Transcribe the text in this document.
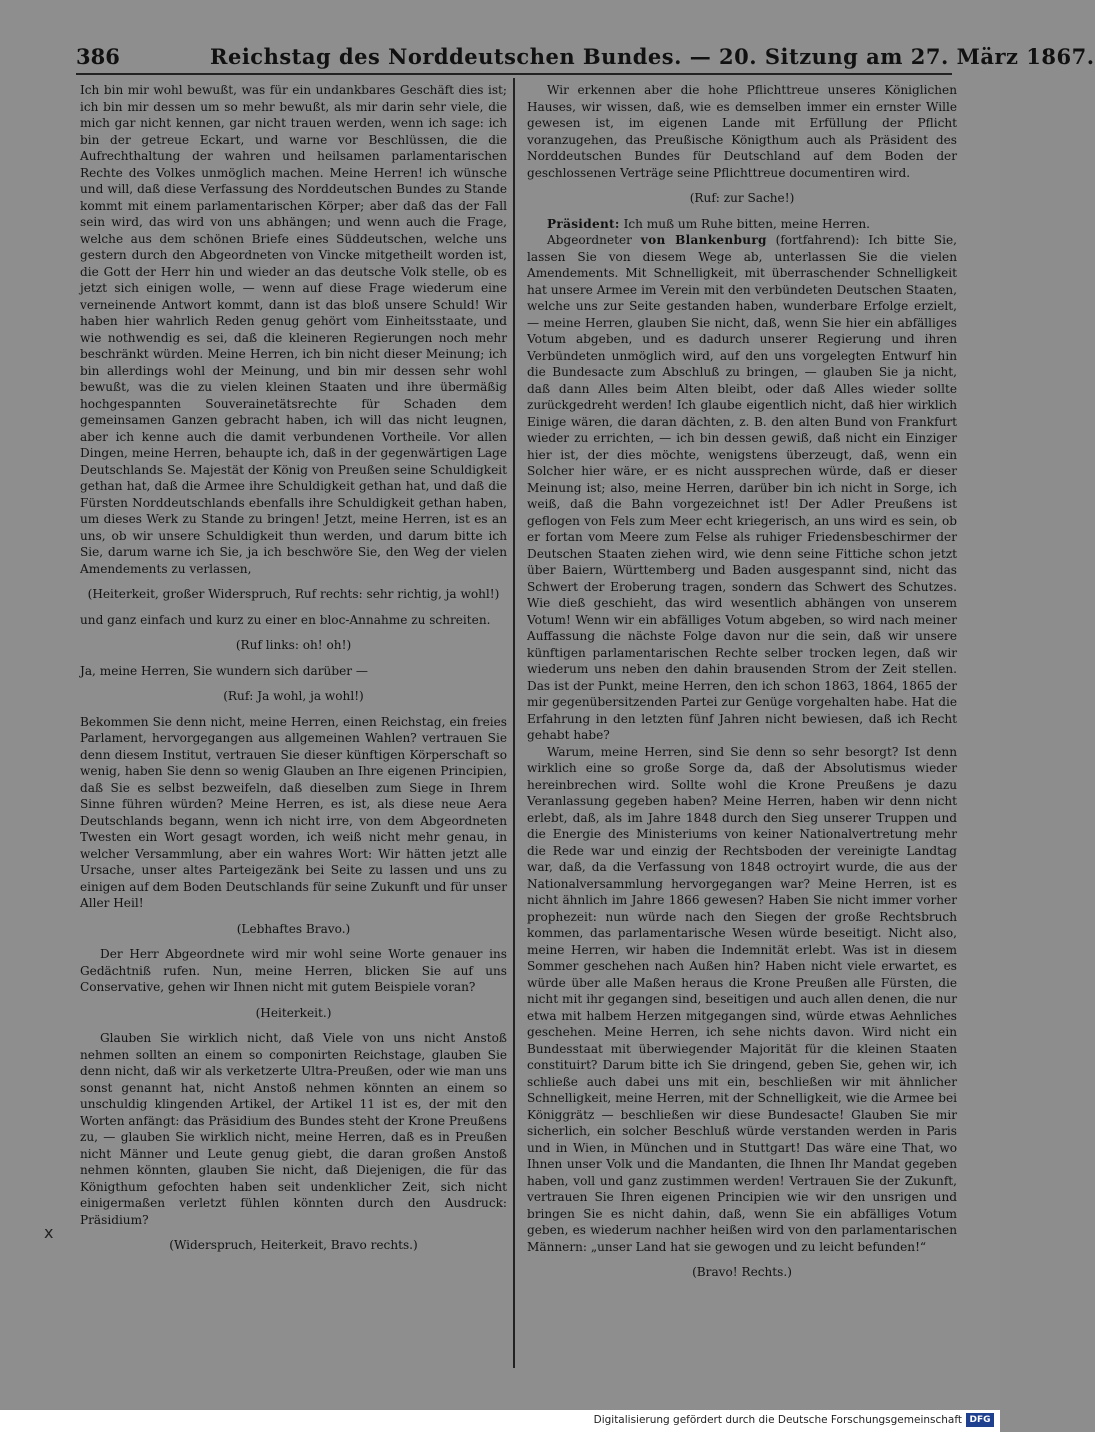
386	Reichstag des Norddeutschen Bundes. — 20. Sitzung am 27. März 1867.

Ich bin mir wohl bewußt, was für ein undankbares Geschäft dies ist; ich bin mir dessen um so mehr bewußt, als mir darin sehr viele, die mich gar nicht kennen, gar nicht trauen werden, wenn ich sage: ich bin der getreue Eckart, und warne vor Beschlüssen, die die Aufrechthaltung der wahren und heilsamen parlamentarischen Rechte des Volkes unmöglich machen. Meine Herren! ich wünsche und will, daß diese Verfassung des Norddeutschen Bundes zu Stande kommt mit einem parlamentarischen Körper; aber daß das der Fall sein wird, das wird von uns abhängen; und wenn auch die Frage, welche aus dem schönen Briefe eines Süddeutschen, welche uns gestern durch den Abgeordneten von Vincke mitgetheilt worden ist, die Gott der Herr hin und wieder an das deutsche Volk stelle, ob es jetzt sich einigen wolle, — wenn auf diese Frage wiederum eine verneinende Antwort kommt, dann ist das bloß unsere Schuld! Wir haben hier wahrlich Reden genug gehört vom Einheitsstaate, und wie nothwendig es sei, daß die kleineren Regierungen noch mehr beschränkt würden. Meine Herren, ich bin nicht dieser Meinung; ich bin allerdings wohl der Meinung, und bin mir dessen sehr wohl bewußt, was die zu vielen kleinen Staaten und ihre übermäßig hochgespannten Souverainetätsrechte für Schaden dem gemeinsamen Ganzen gebracht haben, ich will das nicht leugnen, aber ich kenne auch die damit verbundenen Vortheile. Vor allen Dingen, meine Herren, behaupte ich, daß in der gegenwärtigen Lage Deutschlands Se. Majestät der König von Preußen seine Schuldigkeit gethan hat, daß die Armee ihre Schuldigkeit gethan hat, und daß die Fürsten Norddeutschlands ebenfalls ihre Schuldigkeit gethan haben, um dieses Werk zu Stande zu bringen! Jetzt, meine Herren, ist es an uns, ob wir unsere Schuldigkeit thun werden, und darum bitte ich Sie, darum warne ich Sie, ja ich beschwöre Sie, den Weg der vielen Amendements zu verlassen,

(Heiterkeit, großer Widerspruch, Ruf rechts: sehr richtig, ja wohl!)

und ganz einfach und kurz zu einer en bloc-Annahme zu schreiten.

(Ruf links: oh! oh!)

Ja, meine Herren, Sie wundern sich darüber —

(Ruf: Ja wohl, ja wohl!)

Bekommen Sie denn nicht, meine Herren, einen Reichstag, ein freies Parlament, hervorgegangen aus allgemeinen Wahlen? vertrauen Sie denn diesem Institut, vertrauen Sie dieser künftigen Körperschaft so wenig, haben Sie denn so wenig Glauben an Ihre eigenen Principien, daß Sie es selbst bezweifeln, daß dieselben zum Siege in Ihrem Sinne führen würden? Meine Herren, es ist, als diese neue Aera Deutschlands begann, wenn ich nicht irre, von dem Abgeordneten Twesten ein Wort gesagt worden, ich weiß nicht mehr genau, in welcher Versammlung, aber ein wahres Wort: Wir hätten jetzt alle Ursache, unser altes Parteigezänk bei Seite zu lassen und uns zu einigen auf dem Boden Deutschlands für seine Zukunft und für unser Aller Heil!

(Lebhaftes Bravo.)

Der Herr Abgeordnete wird mir wohl seine Worte genauer ins Gedächtniß rufen. Nun, meine Herren, blicken Sie auf uns Conservative, gehen wir Ihnen nicht mit gutem Beispiele voran?

(Heiterkeit.)

Glauben Sie wirklich nicht, daß Viele von uns nicht Anstoß nehmen sollten an einem so componirten Reichstage, glauben Sie denn nicht, daß wir als verketzerte Ultra-Preußen, oder wie man uns sonst genannt hat, nicht Anstoß nehmen könnten an einem so unschuldig klingenden Artikel, der Artikel 11 ist es, der mit den Worten anfängt: das Präsidium des Bundes steht der Krone Preußens zu, — glauben Sie wirklich nicht, meine Herren, daß es in Preußen nicht Männer und Leute genug giebt, die daran großen Anstoß nehmen könnten, glauben Sie nicht, daß Diejenigen, die für das Königthum gefochten haben seit undenklicher Zeit, sich nicht einigermaßen verletzt fühlen könnten durch den Ausdruck: Präsidium?

(Widerspruch, Heiterkeit, Bravo rechts.)

Wir erkennen aber die hohe Pflichttreue unseres Königlichen Hauses, wir wissen, daß, wie es demselben immer ein ernster Wille gewesen ist, im eigenen Lande mit Erfüllung der Pflicht voranzugehen, das Preußische Königthum auch als Präsident des Norddeutschen Bundes für Deutschland auf dem Boden der geschlossenen Verträge seine Pflichttreue documentiren wird.

(Ruf: zur Sache!)

Präsident: Ich muß um Ruhe bitten, meine Herren.

Abgeordneter von Blankenburg (fortfahrend): Ich bitte Sie, lassen Sie von diesem Wege ab, unterlassen Sie die vielen Amendements. Mit Schnelligkeit, mit überraschender Schnelligkeit hat unsere Armee im Verein mit den verbündeten Deutschen Staaten, welche uns zur Seite gestanden haben, wunderbare Erfolge erzielt, — meine Herren, glauben Sie nicht, daß, wenn Sie hier ein abfälliges Votum abgeben, und es dadurch unserer Regierung und ihren Verbündeten unmöglich wird, auf den uns vorgelegten Entwurf hin die Bundesacte zum Abschluß zu bringen, — glauben Sie ja nicht, daß dann Alles beim Alten bleibt, oder daß Alles wieder sollte zurückgedreht werden! Ich glaube eigentlich nicht, daß hier wirklich Einige wären, die daran dächten, z. B. den alten Bund von Frankfurt wieder zu errichten, — ich bin dessen gewiß, daß nicht ein Einziger hier ist, der dies möchte, wenigstens überzeugt, daß, wenn ein Solcher hier wäre, er es nicht aussprechen würde, daß er dieser Meinung ist; also, meine Herren, darüber bin ich nicht in Sorge, ich weiß, daß die Bahn vorgezeichnet ist! Der Adler Preußens ist geflogen von Fels zum Meer echt kriegerisch, an uns wird es sein, ob er fortan vom Meere zum Felse als ruhiger Friedensbeschirmer der Deutschen Staaten ziehen wird, wie denn seine Fittiche schon jetzt über Baiern, Württemberg und Baden ausgespannt sind, nicht das Schwert der Eroberung tragen, sondern das Schwert des Schutzes. Wie dieß geschieht, das wird wesentlich abhängen von unserem Votum! Wenn wir ein abfälliges Votum abgeben, so wird nach meiner Auffassung die nächste Folge davon nur die sein, daß wir unsere künftigen parlamentarischen Rechte selber trocken legen, daß wir wiederum uns neben den dahin brausenden Strom der Zeit stellen. Das ist der Punkt, meine Herren, den ich schon 1863, 1864, 1865 der mir gegenübersitzenden Partei zur Genüge vorgehalten habe. Hat die Erfahrung in den letzten fünf Jahren nicht bewiesen, daß ich Recht gehabt habe?

Warum, meine Herren, sind Sie denn so sehr besorgt? Ist denn wirklich eine so große Sorge da, daß der Absolutismus wieder hereinbrechen wird. Sollte wohl die Krone Preußens je dazu Veranlassung gegeben haben? Meine Herren, haben wir denn nicht erlebt, daß, als im Jahre 1848 durch den Sieg unserer Truppen und die Energie des Ministeriums von keiner Nationalvertretung mehr die Rede war und einzig der Rechtsboden der vereinigte Landtag war, daß, da die Verfassung von 1848 octroyirt wurde, die aus der Nationalversammlung hervorgegangen war? Meine Herren, ist es nicht ähnlich im Jahre 1866 gewesen? Haben Sie nicht immer vorher prophezeit: nun würde nach den Siegen der große Rechtsbruch kommen, das parlamentarische Wesen würde beseitigt. Nicht also, meine Herren, wir haben die Indemnität erlebt. Was ist in diesem Sommer geschehen nach Außen hin? Haben nicht viele erwartet, es würde über alle Maßen heraus die Krone Preußen alle Fürsten, die nicht mit ihr gegangen sind, beseitigen und auch allen denen, die nur etwa mit halbem Herzen mitgegangen sind, würde etwas Aehnliches geschehen. Meine Herren, ich sehe nichts davon. Wird nicht ein Bundesstaat mit überwiegender Majorität für die kleinen Staaten constituirt? Darum bitte ich Sie dringend, geben Sie, gehen wir, ich schließe auch dabei uns mit ein, beschließen wir mit ähnlicher Schnelligkeit, meine Herren, mit der Schnelligkeit, wie die Armee bei Königgrätz — beschließen wir diese Bundesacte! Glauben Sie mir sicherlich, ein solcher Beschluß würde verstanden werden in Paris und in Wien, in München und in Stuttgart! Das wäre eine That, wo Ihnen unser Volk und die Mandanten, die Ihnen Ihr Mandat gegeben haben, voll und ganz zustimmen werden! Vertrauen Sie der Zukunft, vertrauen Sie Ihren eigenen Principien wie wir den unsrigen und bringen Sie es nicht dahin, daß, wenn Sie ein abfälliges Votum geben, es wiederum nachher heißen wird von den parlamentarischen Männern: „unser Land hat sie gewogen und zu leicht befunden!“

(Bravo! Rechts.)

x
Digitalisierung gefördert durch die Deutsche Forschungsgemeinschaft DFG
